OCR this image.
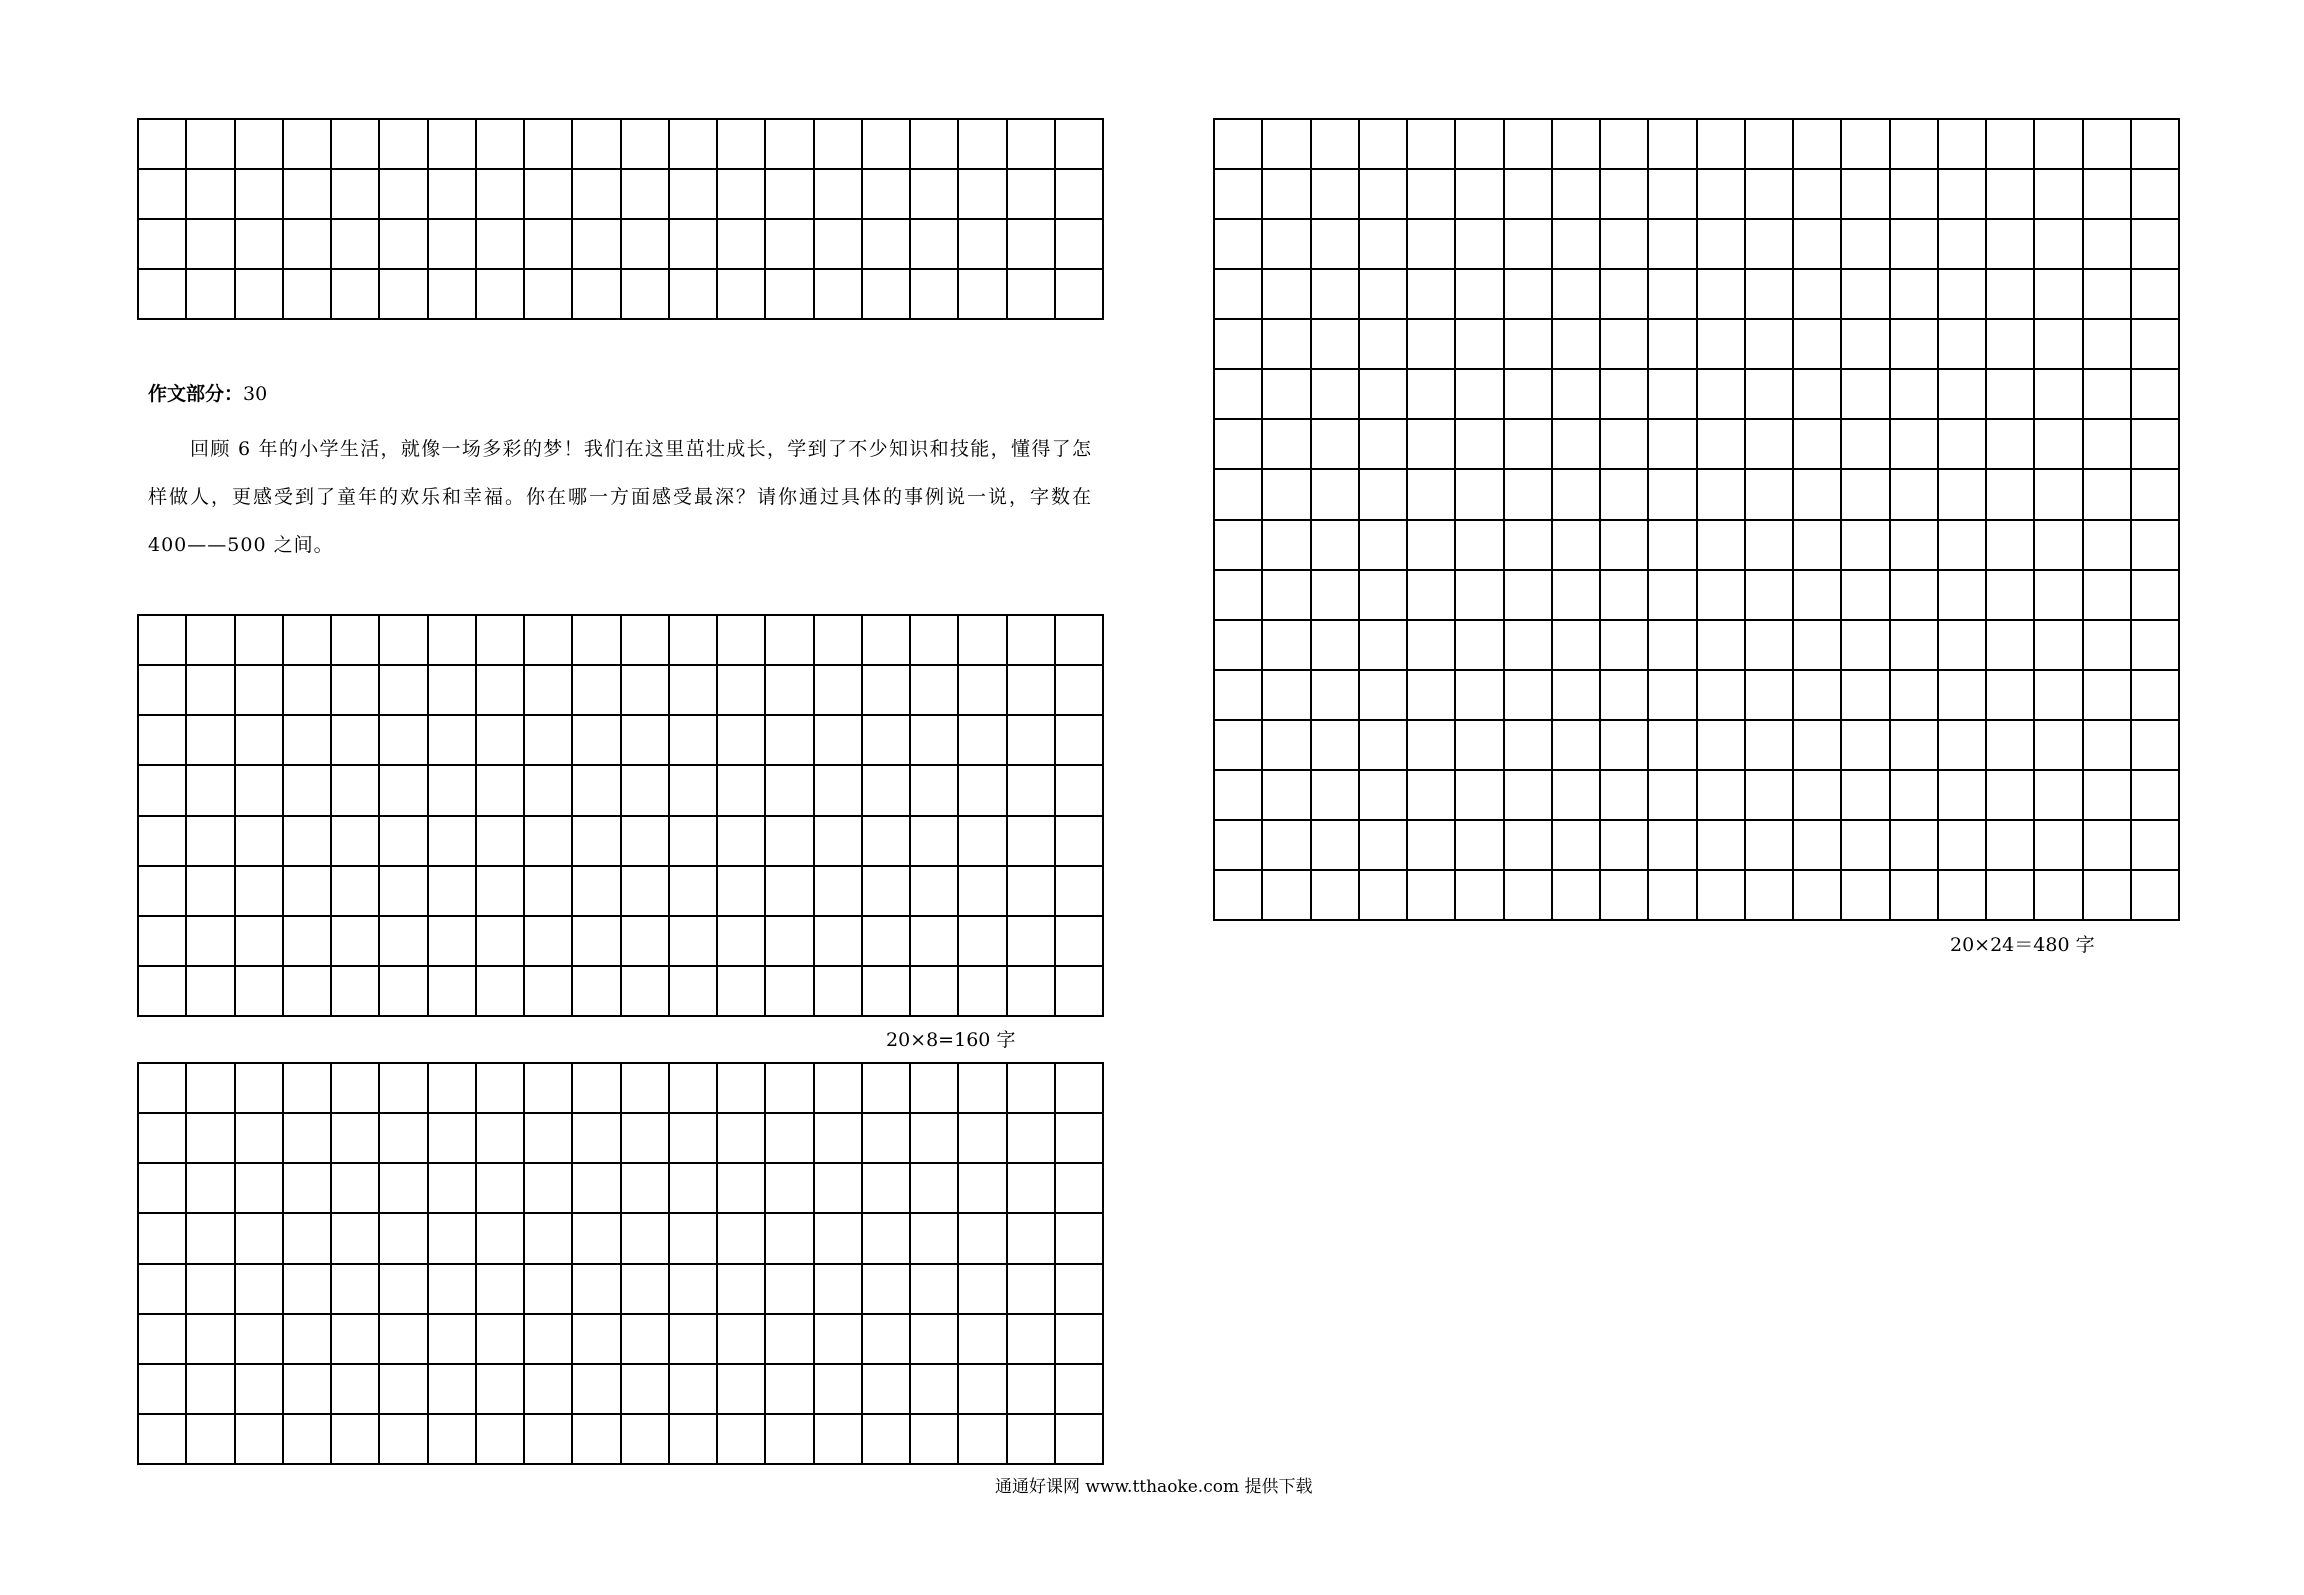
作文部分：30
回顾 6 年的小学生活，就像一场多彩的梦！我们在这里茁壮成长，学到了不少知识和技能，懂得了怎样做人，更感受到了童年的欢乐和幸福。你在哪一方面感受最深？请你通过具体的事例说一说，字数在 400——500 之间。
20×8=160 字
20×24＝480 字
通通好课网 www.tthaoke.com 提供下载
